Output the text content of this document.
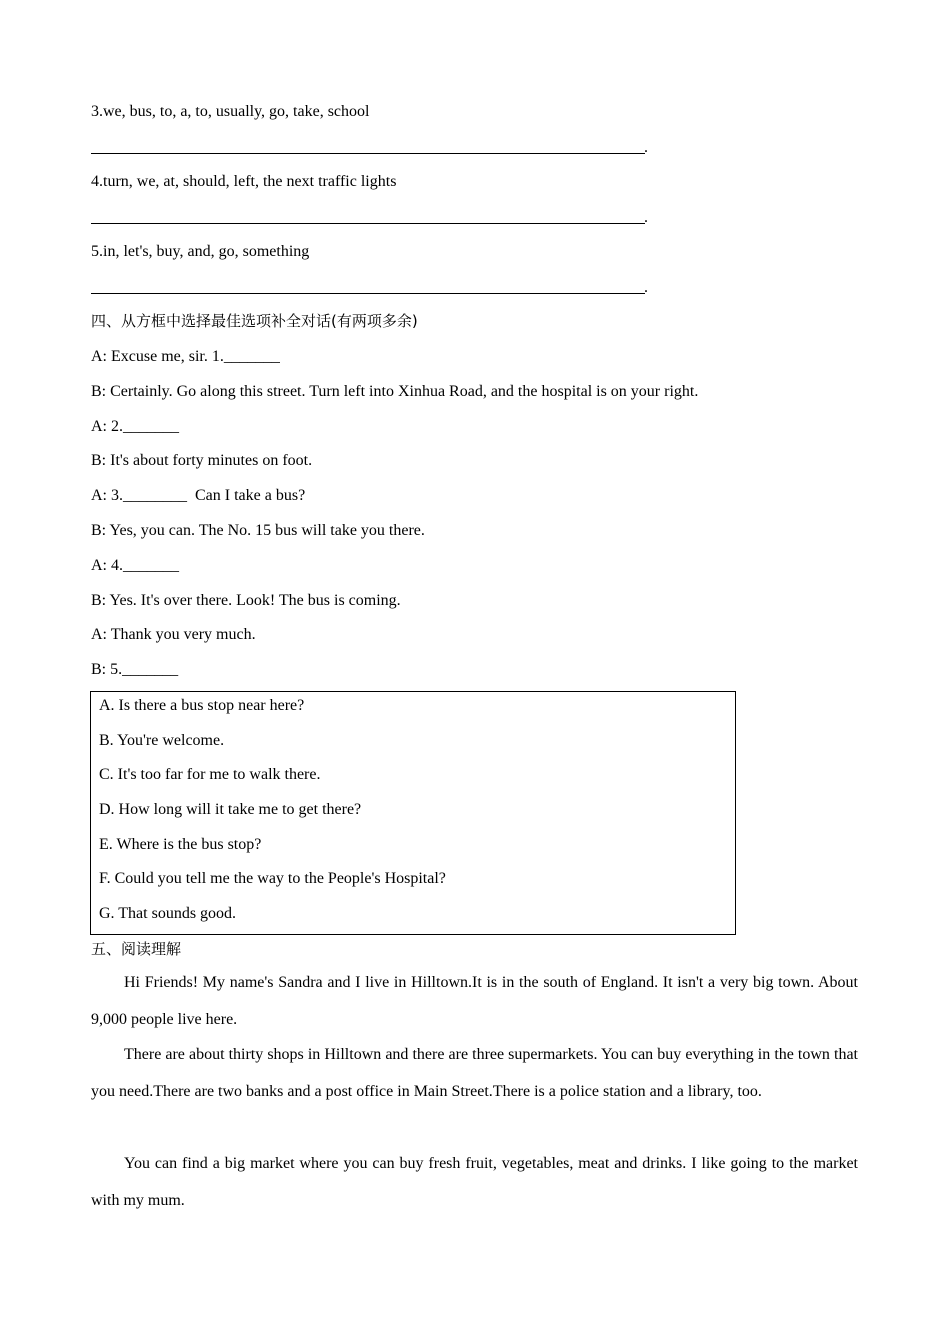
3.we, bus, to, a, to, usually, go, take, school
.
4.turn, we, at, should, left, the next traffic lights
.
5.in, let's, buy, and, go, something
.
四、从方框中选择最佳选项补全对话(有两项多余)
A: Excuse me, sir. 1._______
B: Certainly. Go along this street. Turn left into Xinhua Road, and the hospital is on your right.
A: 2._______
B: It's about forty minutes on foot.
A: 3.________  Can I take a bus?
B: Yes, you can. The No. 15 bus will take you there.
A: 4._______
B: Yes. It's over there. Look! The bus is coming.
A: Thank you very much.
B: 5._______
A. Is there a bus stop near here?
B. You're welcome.
C. It's too far for me to walk there.
D. How long will it take me to get there?
E. Where is the bus stop?
F. Could you tell me the way to the People's Hospital?
G. That sounds good.
五、阅读理解
Hi Friends! My name's Sandra and I live in Hilltown.It is in the south of England. It isn't a very big town. About 9,000 people live here.
There are about thirty shops in Hilltown and there are three supermarkets. You can buy everything in the town that you need.There are two banks and a post office in Main Street.There is a police station and a library, too.
You can find a big market where you can buy fresh fruit, vegetables, meat and drinks. I like going to the market with my mum.
